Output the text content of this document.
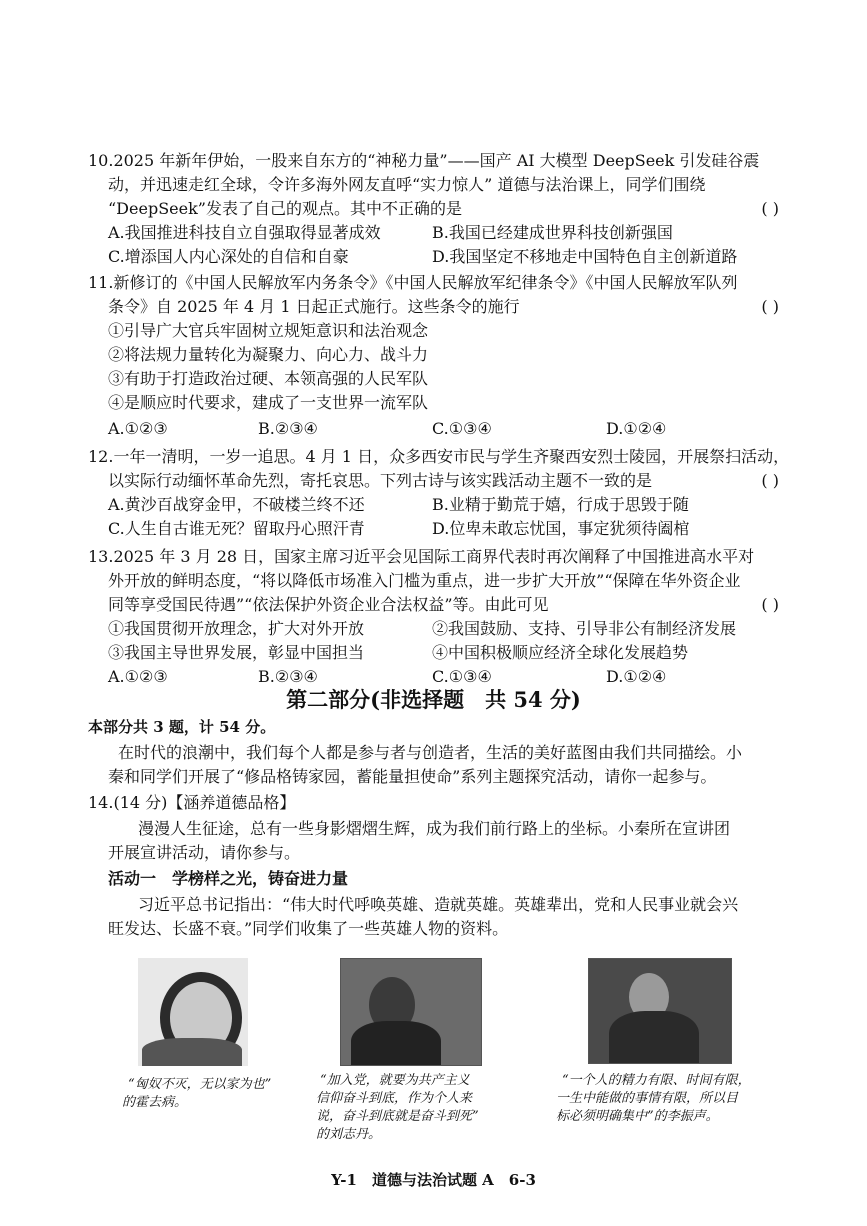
10.2025 年新年伊始，一股来自东方的“神秘力量”——国产 AI 大模型 DeepSeek 引发硅谷震
动，并迅速走红全球，令许多海外网友直呼“实力惊人” 道德与法治课上，同学们围绕
“DeepSeek”发表了自己的观点。其中不正确的是	( )
A.我国推进科技自立自强取得显著成效	B.我国已经建成世界科技创新强国
C.增添国人内心深处的自信和自豪	D.我国坚定不移地走中国特色自主创新道路
11.新修订的《中国人民解放军内务条令》《中国人民解放军纪律条令》《中国人民解放军队列
条令》自 2025 年 4 月 1 日起正式施行。这些条令的施行	( )
①引导广大官兵牢固树立规矩意识和法治观念
②将法规力量转化为凝聚力、向心力、战斗力
③有助于打造政治过硬、本领高强的人民军队
④是顺应时代要求，建成了一支世界一流军队
A.①②③	B.②③④	C.①③④	D.①②④
12.一年一清明，一岁一追思。4 月 1 日，众多西安市民与学生齐聚西安烈士陵园，开展祭扫活动，
以实际行动缅怀革命先烈，寄托哀思。下列古诗与该实践活动主题不一致的是	( )
A.黄沙百战穿金甲，不破楼兰终不还	B.业精于勤荒于嬉，行成于思毁于随
C.人生自古谁无死？留取丹心照汗青	D.位卑未敢忘忧国，事定犹须待阖棺
13.2025 年 3 月 28 日，国家主席习近平会见国际工商界代表时再次阐释了中国推进高水平对
外开放的鲜明态度，“将以降低市场准入门槛为重点，进一步扩大开放”“保障在华外资企业
同等享受国民待遇”“依法保护外资企业合法权益”等。由此可见	( )
①我国贯彻开放理念，扩大对外开放	②我国鼓励、支持、引导非公有制经济发展
③我国主导世界发展，彰显中国担当	④中国积极顺应经济全球化发展趋势
A.①②③	B.②③④	C.①③④	D.①②④
第二部分(非选择题　共 54 分)
本部分共 3 题，计 54 分。
在时代的浪潮中，我们每个人都是参与者与创造者，生活的美好蓝图由我们共同描绘。小
秦和同学们开展了“修品格铸家园，蓄能量担使命”系列主题探究活动，请你一起参与。
14.(14 分)【涵养道德品格】
漫漫人生征途，总有一些身影熠熠生辉，成为我们前行路上的坐标。小秦所在宣讲团
开展宣讲活动，请你参与。
活动一　学榜样之光，铸奋进力量
习近平总书记指出：“伟大时代呼唤英雄、造就英雄。英雄辈出，党和人民事业就会兴
旺发达、长盛不衰。”同学们收集了一些英雄人物的资料。
“匈奴不灭，无以家为也”
的霍去病。
“加入党，就要为共产主义
信仰奋斗到底，作为个人来
说，奋斗到底就是奋斗到死”
的刘志丹。
“一个人的精力有限、时间有限，
一生中能做的事情有限，所以目
标必须明确集中”的李振声。
Y-1　道德与法治试题 A　6-3
